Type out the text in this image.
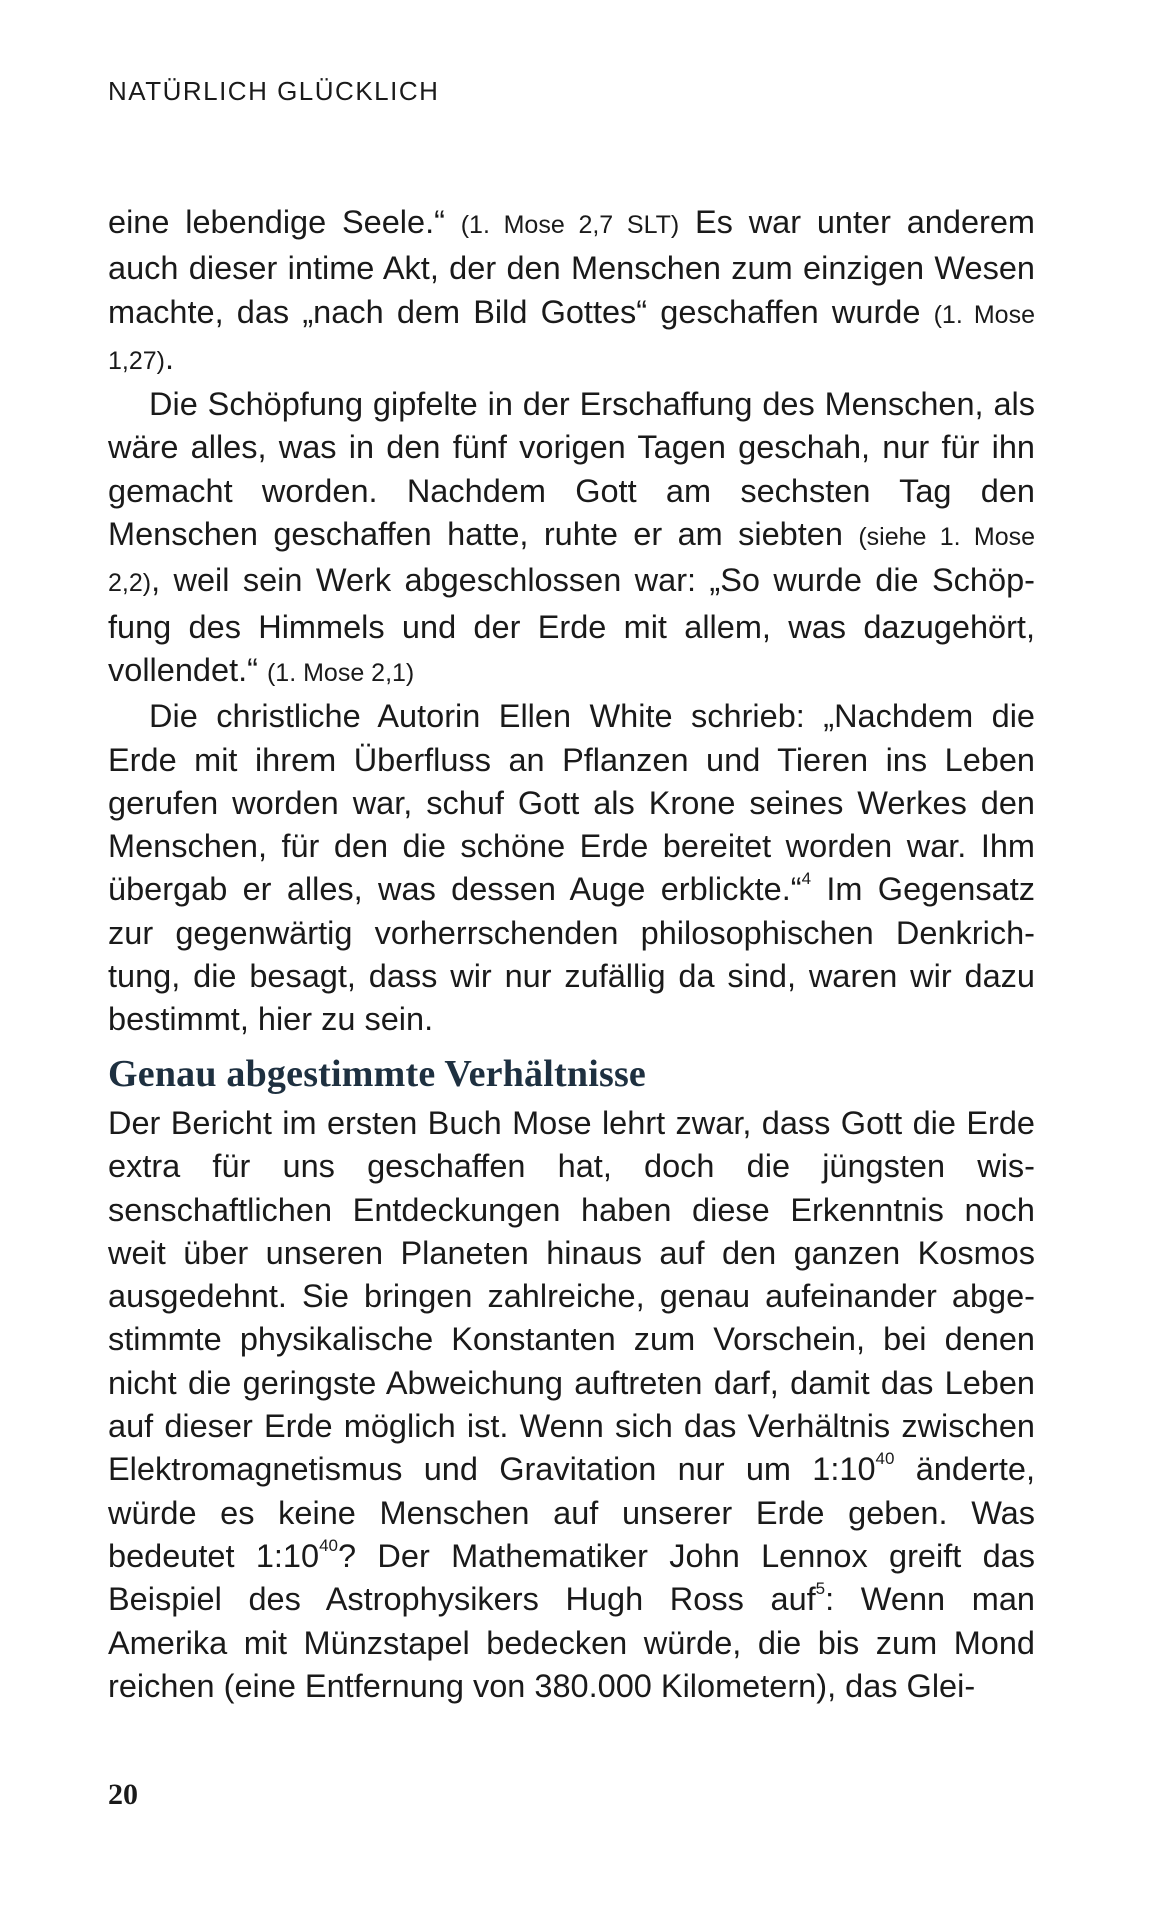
NATÜRLICH GLÜCKLICH

eine lebendige Seele.“ (1. Mose 2,7 SLT) Es war unter anderem auch dieser intime Akt, der den Menschen zum einzigen Wesen machte, das „nach dem Bild Gottes“ geschaffen wurde (1. Mose 1,27).

Die Schöpfung gipfelte in der Erschaffung des Menschen, als wäre alles, was in den fünf vorigen Tagen geschah, nur für ihn gemacht worden. Nachdem Gott am sechsten Tag den Menschen geschaffen hatte, ruhte er am siebten (siehe 1. Mose 2,2), weil sein Werk abgeschlossen war: „So wurde die Schöpfung des Himmels und der Erde mit allem, was dazugehört, vollendet.“ (1. Mose 2,1)

Die christliche Autorin Ellen White schrieb: „Nachdem die Erde mit ihrem Überfluss an Pflanzen und Tieren ins Leben gerufen worden war, schuf Gott als Krone seines Werkes den Menschen, für den die schöne Erde bereitet worden war. Ihm übergab er alles, was dessen Auge erblickte.“$^4$ Im Gegensatz zur gegenwärtig vorherrschenden philosophischen Denkrichtung, die besagt, dass wir nur zufällig da sind, waren wir dazu bestimmt, hier zu sein.

Genau abgestimmte Verhältnisse

Der Bericht im ersten Buch Mose lehrt zwar, dass Gott die Erde extra für uns geschaffen hat, doch die jüngsten wissenschaftlichen Entdeckungen haben diese Erkenntnis noch weit über unseren Planeten hinaus auf den ganzen Kosmos ausgedehnt. Sie bringen zahlreiche, genau aufeinander abgestimmte physikalische Konstanten zum Vorschein, bei denen nicht die geringste Abweichung auftreten darf, damit das Leben auf dieser Erde möglich ist. Wenn sich das Verhältnis zwischen Elektromagnetismus und Gravitation nur um $1:10^{40}$ änderte, würde es keine Menschen auf unserer Erde geben. Was bedeutet $1:10^{40}$? Der Mathematiker John Lennox greift das Beispiel des Astrophysikers Hugh Ross auf$^5$: Wenn man Amerika mit Münzstapel bedecken würde, die bis zum Mond reichen (eine Entfernung von 380.000 Kilometern), das Glei-

20
